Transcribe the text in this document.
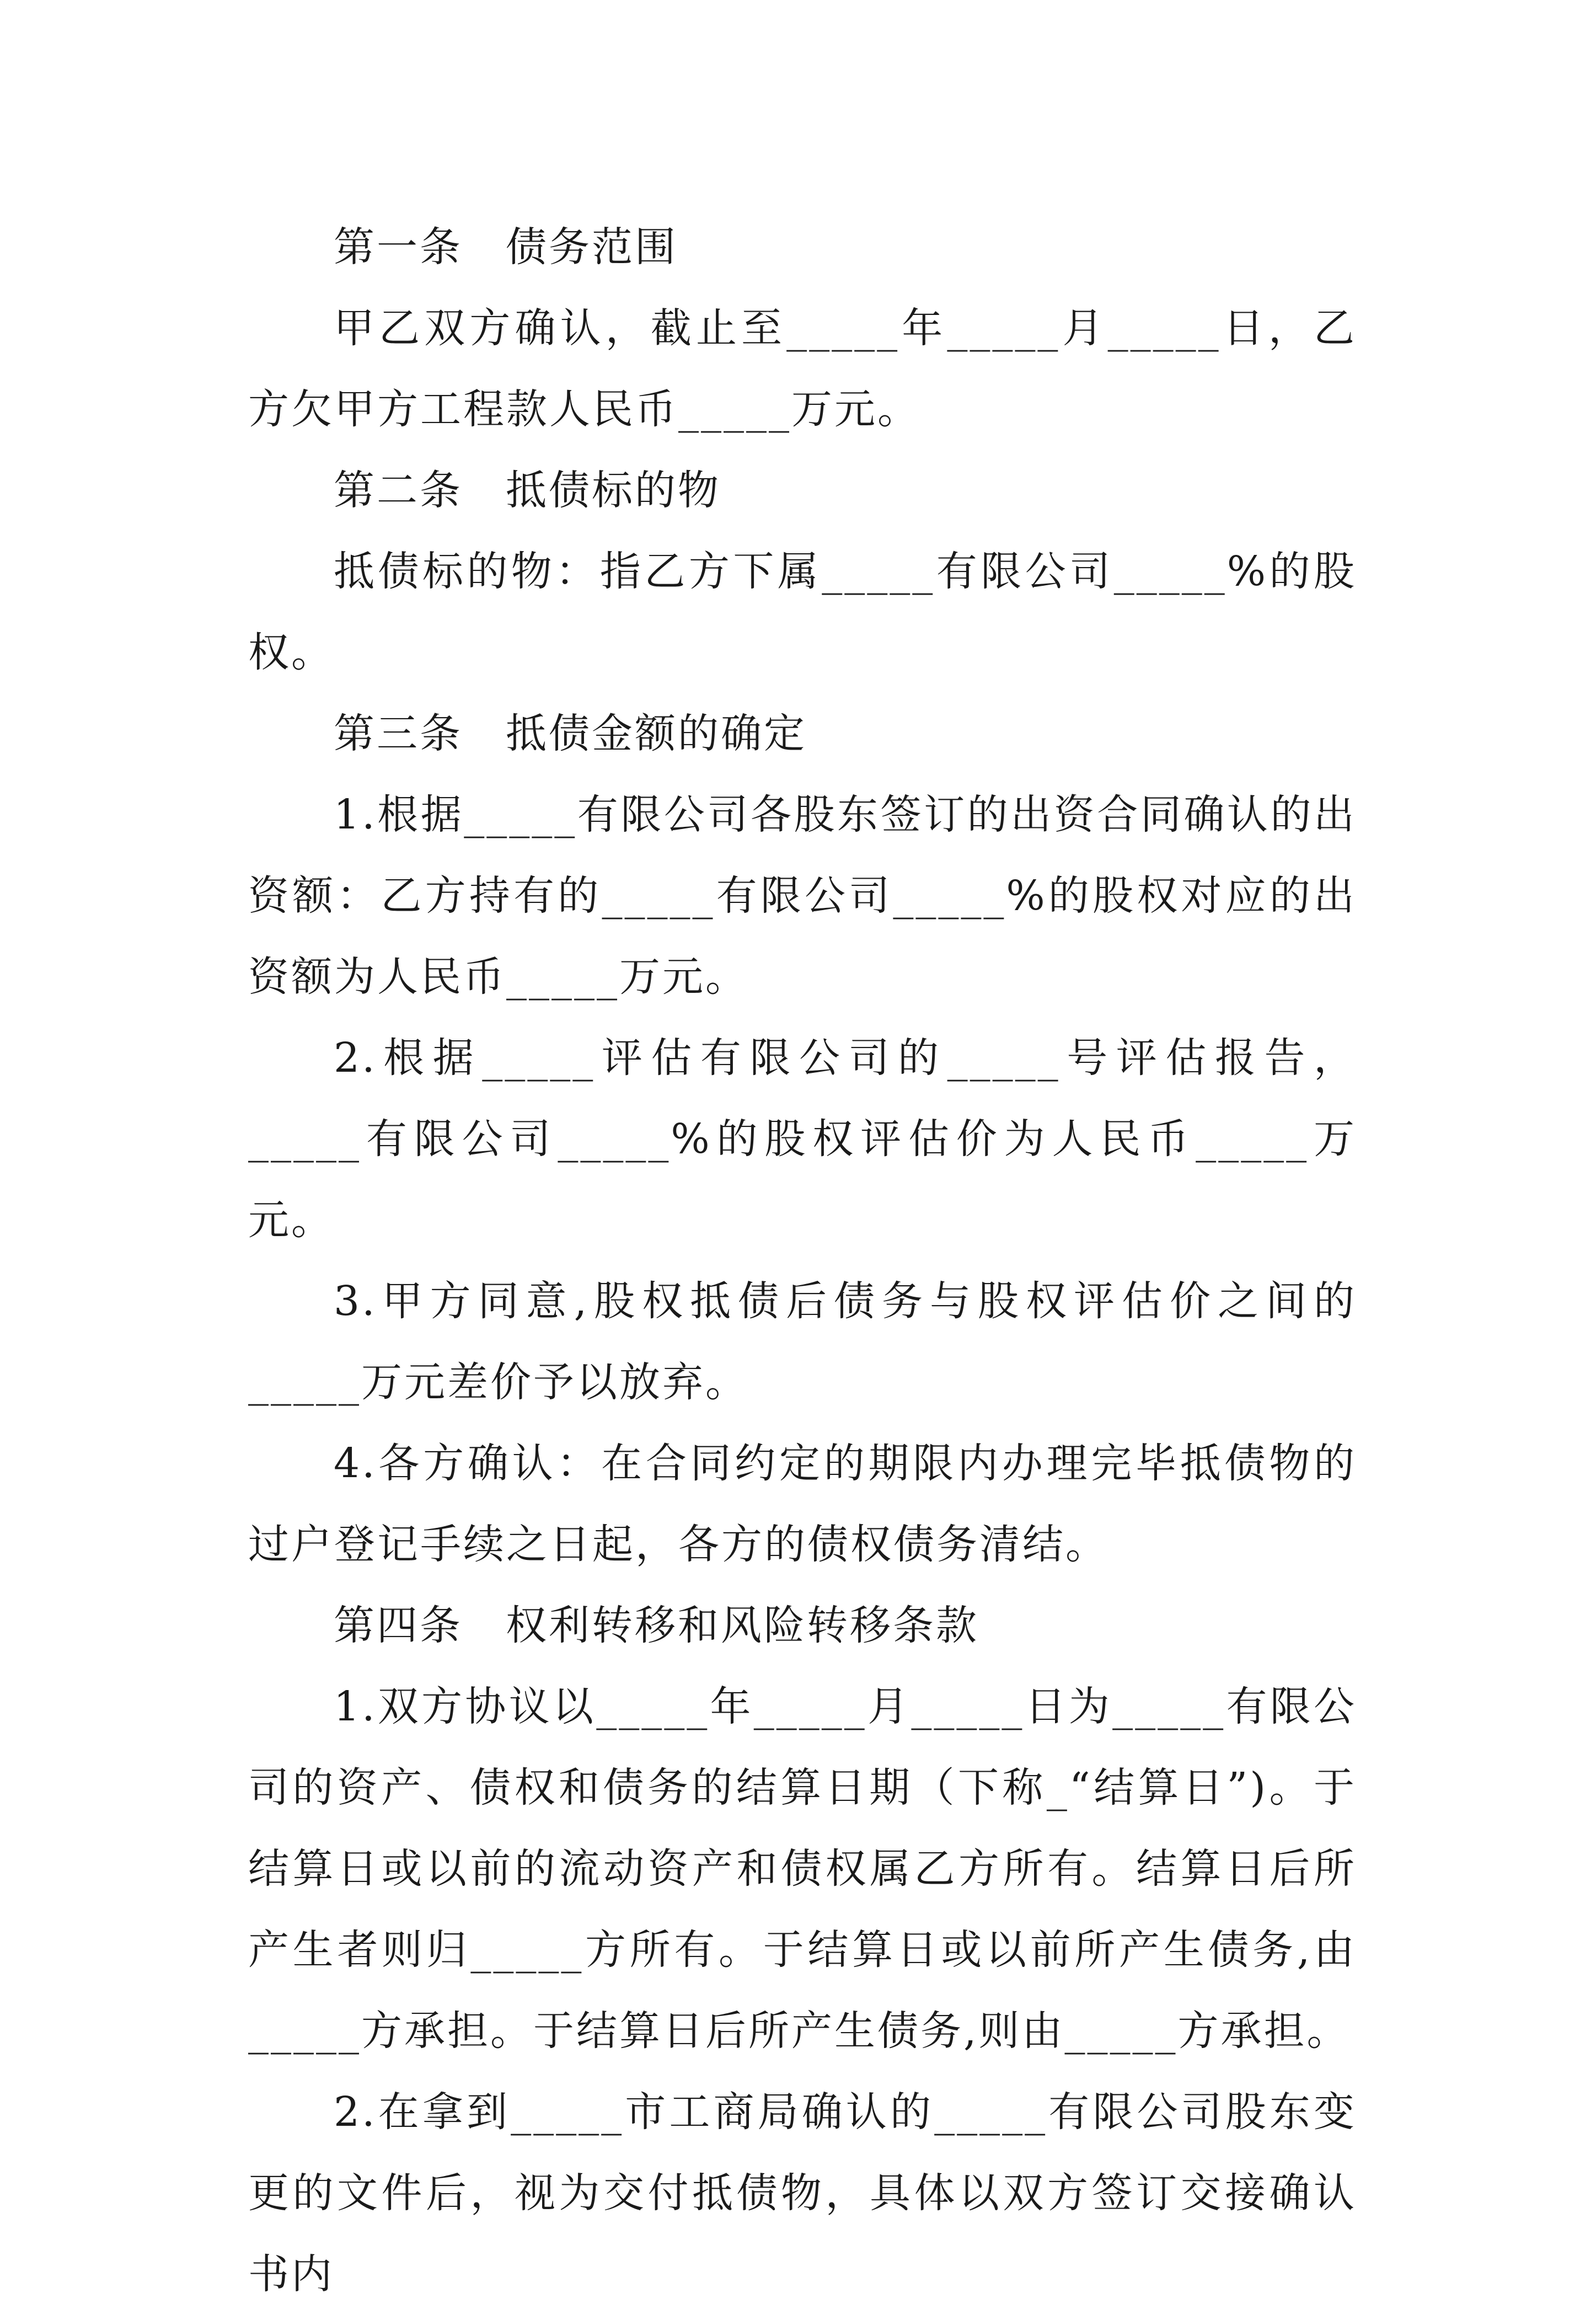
第一条　债务范围

甲乙双方确认，截止至_____年_____月_____日，乙方欠甲方工程款人民币_____万元。

第二条　抵债标的物

抵债标的物：指乙方下属_____有限公司_____%的股权。

第三条　抵债金额的确定

1.根据_____有限公司各股东签订的出资合同确认的出资额：乙方持有的_____有限公司_____%的股权对应的出资额为人民币_____万元。

2.根据_____评估有限公司的_____号评估报告，_____有限公司_____%的股权评估价为人民币_____万元。

3.甲方同意,股权抵债后债务与股权评估价之间的_____万元差价予以放弃。

4.各方确认：在合同约定的期限内办理完毕抵债物的过户登记手续之日起，各方的债权债务清结。

第四条　权利转移和风险转移条款

1.双方协议以_____年_____月_____日为_____有限公司的资产、债权和债务的结算日期（下称_“结算日”)。于结算日或以前的流动资产和债权属乙方所有。结算日后所产生者则归_____方所有。于结算日或以前所产生债务,由_____方承担。于结算日后所产生债务,则由_____方承担。

2.在拿到_____市工商局确认的_____有限公司股东变更的文件后，视为交付抵债物，具体以双方签订交接确认书内
